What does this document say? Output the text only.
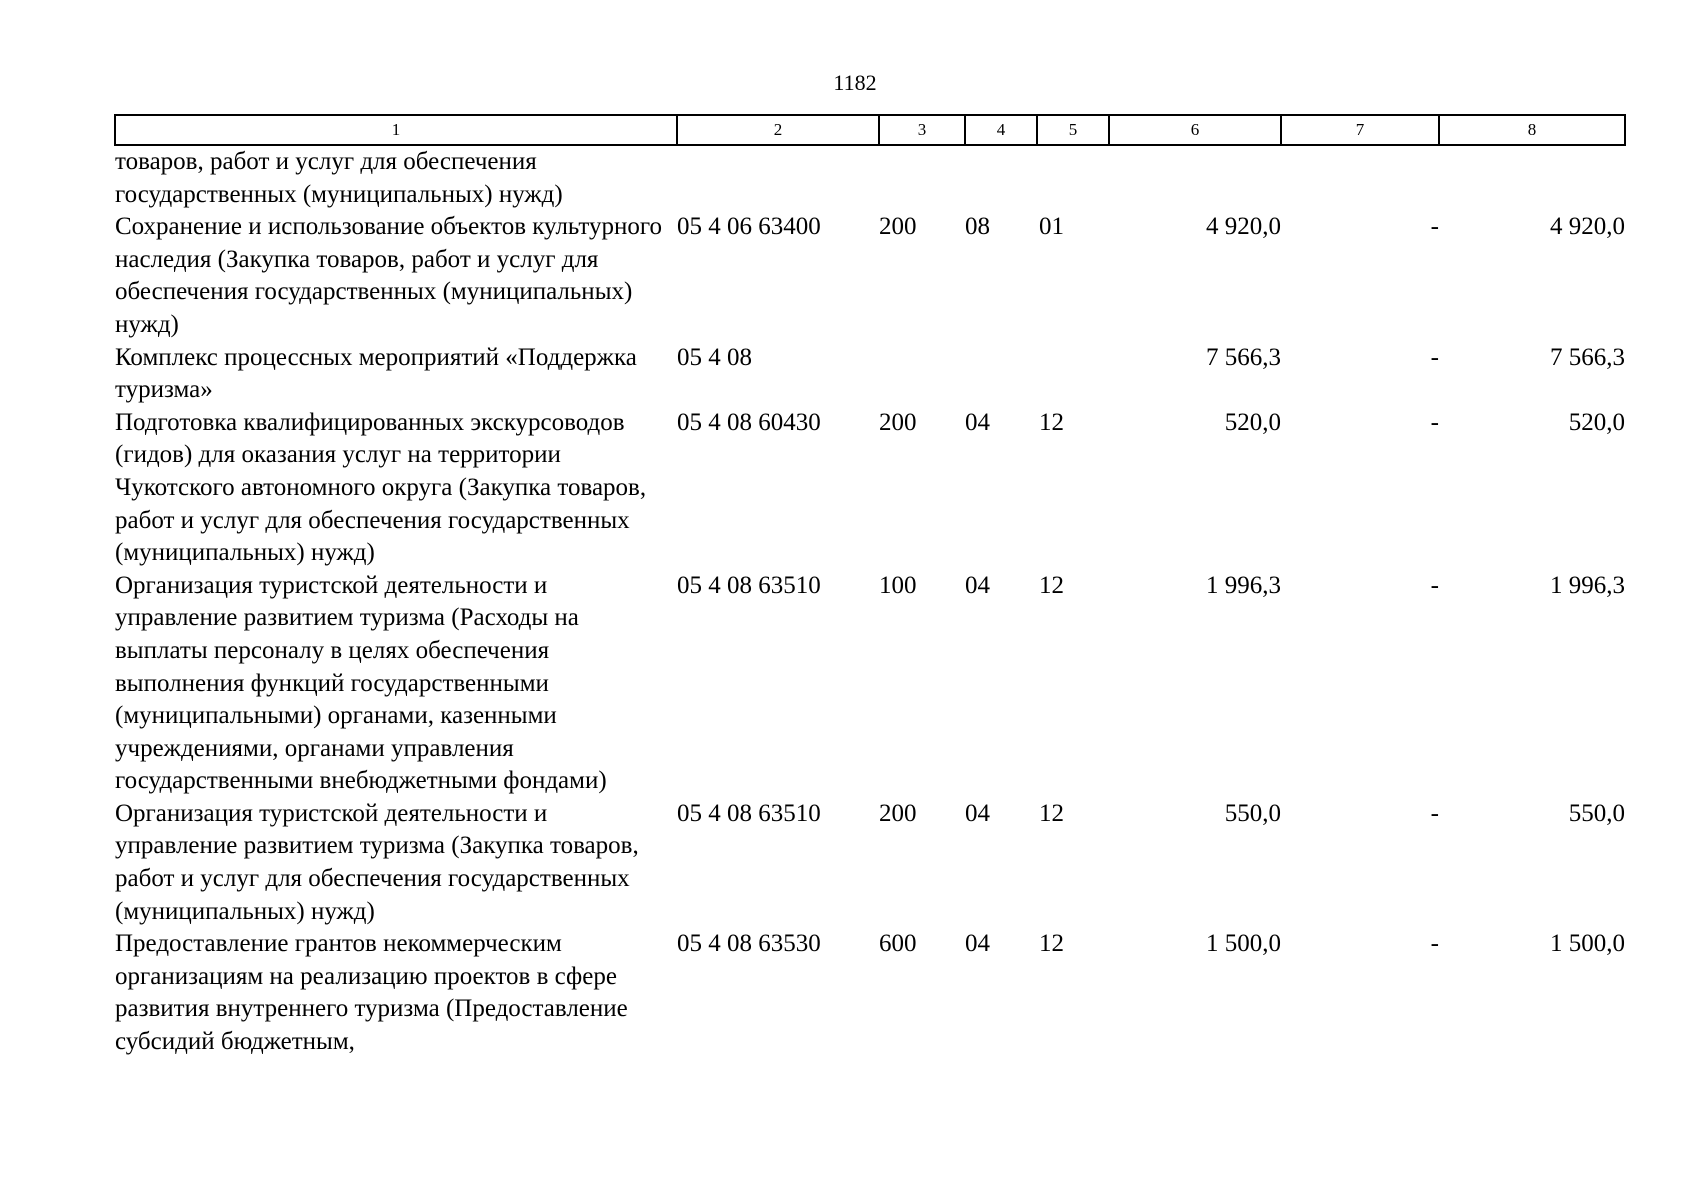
1182
1	2	3	4	5	6	7	8
товаров, работ и услуг для обеспечения государственных (муниципальных) нужд)							
Сохранение и использование объектов культурного наследия (Закупка товаров, работ и услуг для обеспечения государственных (муниципальных) нужд)	05 4 06 63400	200	08	01	4 920,0	-	4 920,0
Комплекс процессных мероприятий «Поддержка туризма»	05 4 08				7 566,3	-	7 566,3
Подготовка квалифицированных экскурсоводов (гидов) для оказания услуг на территории Чукотского автономного округа (Закупка товаров, работ и услуг для обеспечения государственных (муниципальных) нужд)	05 4 08 60430	200	04	12	520,0	-	520,0
Организация туристской деятельности и управление развитием туризма (Расходы на выплаты персоналу в целях обеспечения выполнения функций государственными (муниципальными) органами, казенными учреждениями, органами управления государственными внебюджетными фондами)	05 4 08 63510	100	04	12	1 996,3	-	1 996,3
Организация туристской деятельности и управление развитием туризма (Закупка товаров, работ и услуг для обеспечения государственных (муниципальных) нужд)	05 4 08 63510	200	04	12	550,0	-	550,0
Предоставление грантов некоммерческим организациям на реализацию проектов в сфере развития внутреннего туризма (Предоставление субсидий бюджетным,	05 4 08 63530	600	04	12	1 500,0	-	1 500,0
